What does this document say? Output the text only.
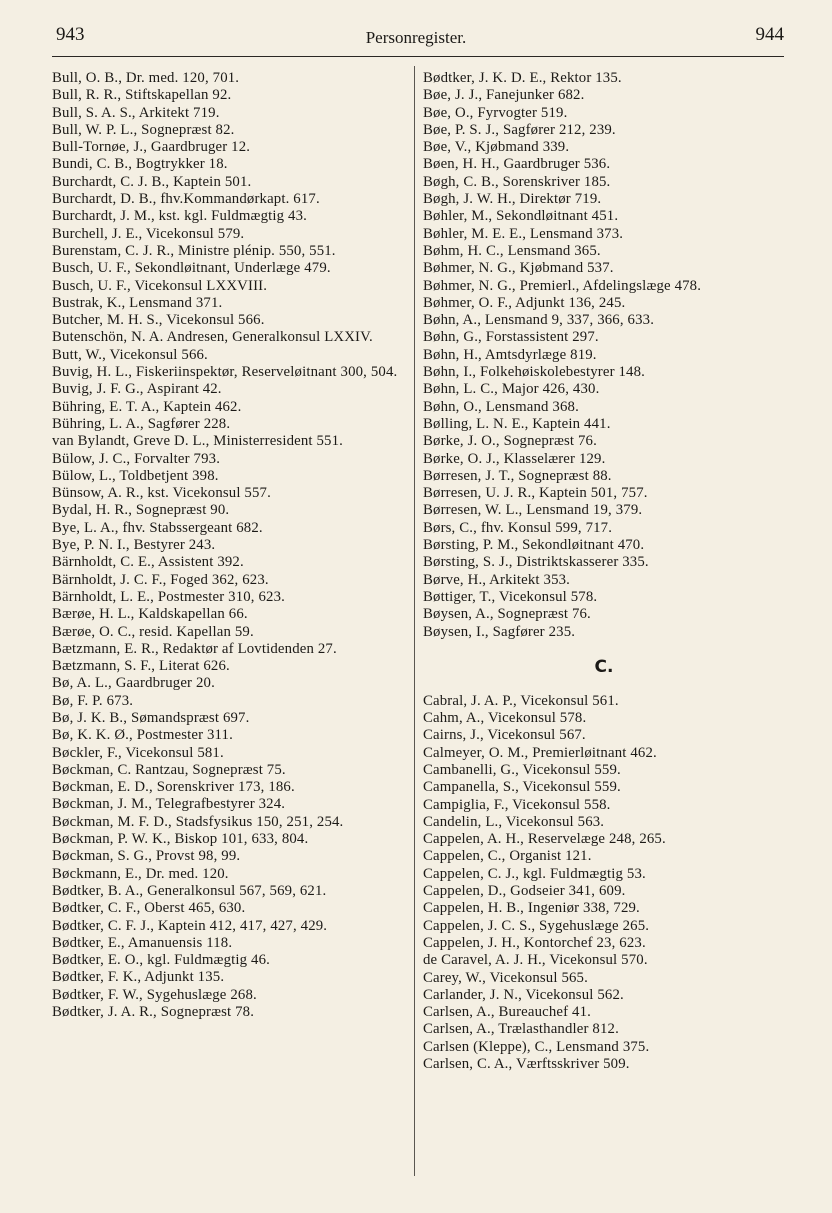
943	Personregister.	944
Bull, O. B., Dr. med. 120, 701.
Bull, R. R., Stiftskapellan 92.
Bull, S. A. S., Arkitekt 719.
Bull, W. P. L., Sognepræst 82.
Bull-Tornøe, J., Gaardbruger 12.
Bundi, C. B., Bogtrykker 18.
Burchardt, C. J. B., Kaptein 501.
Burchardt, D. B., fhv.Kommandørkapt. 617.
Burchardt, J. M., kst. kgl. Fuldmægtig 43.
Burchell, J. E., Vicekonsul 579.
Burenstam, C. J. R., Ministre plénip. 550, 551.
Busch, U. F., Sekondløitnant, Underlæge 479.
Busch, U. F., Vicekonsul LXXVIII.
Bustrak, K., Lensmand 371.
Butcher, M. H. S., Vicekonsul 566.
Butenschön, N. A. Andresen, Generalkonsul LXXIV.
Butt, W., Vicekonsul 566.
Buvig, H. L., Fiskeriinspektør, Reserveløitnant 300, 504.
Buvig, J. F. G., Aspirant 42.
Bühring, E. T. A., Kaptein 462.
Bühring, L. A., Sagfører 228.
van Bylandt, Greve D. L., Ministerresident 551.
Bülow, J. C., Forvalter 793.
Bülow, L., Toldbetjent 398.
Bünsow, A. R., kst. Vicekonsul 557.
Bydal, H. R., Sognepræst 90.
Bye, L. A., fhv. Stabssergeant 682.
Bye, P. N. I., Bestyrer 243.
Bärnholdt, C. E., Assistent 392.
Bärnholdt, J. C. F., Foged 362, 623.
Bärnholdt, L. E., Postmester 310, 623.
Bærøe, H. L., Kaldskapellan 66.
Bærøe, O. C., resid. Kapellan 59.
Bætzmann, E. R., Redaktør af Lovtidenden 27.
Bætzmann, S. F., Literat 626.
Bø, A. L., Gaardbruger 20.
Bø, F. P. 673.
Bø, J. K. B., Sømandspræst 697.
Bø, K. K. Ø., Postmester 311.
Bøckler, F., Vicekonsul 581.
Bøckman, C. Rantzau, Sognepræst 75.
Bøckman, E. D., Sorenskriver 173, 186.
Bøckman, J. M., Telegrafbestyrer 324.
Bøckman, M. F. D., Stadsfysikus 150, 251, 254.
Bøckman, P. W. K., Biskop 101, 633, 804.
Bøckman, S. G., Provst 98, 99.
Bøckmann, E., Dr. med. 120.
Bødtker, B. A., Generalkonsul 567, 569, 621.
Bødtker, C. F., Oberst 465, 630.
Bødtker, C. F. J., Kaptein 412, 417, 427, 429.
Bødtker, E., Amanuensis 118.
Bødtker, E. O., kgl. Fuldmægtig 46.
Bødtker, F. K., Adjunkt 135.
Bødtker, F. W., Sygehuslæge 268.
Bødtker, J. A. R., Sognepræst 78.
Bødtker, J. K. D. E., Rektor 135.
Bøe, J. J., Fanejunker 682.
Bøe, O., Fyrvogter 519.
Bøe, P. S. J., Sagfører 212, 239.
Bøe, V., Kjøbmand 339.
Bøen, H. H., Gaardbruger 536.
Bøgh, C. B., Sorenskriver 185.
Bøgh, J. W. H., Direktør 719.
Bøhler, M., Sekondløitnant 451.
Bøhler, M. E. E., Lensmand 373.
Bøhm, H. C., Lensmand 365.
Bøhmer, N. G., Kjøbmand 537.
Bøhmer, N. G., Premierl., Afdelingslæge 478.
Bøhmer, O. F., Adjunkt 136, 245.
Bøhn, A., Lensmand 9, 337, 366, 633.
Bøhn, G., Forstassistent 297.
Bøhn, H., Amtsdyrlæge 819.
Bøhn, I., Folkehøiskolebestyrer 148.
Bøhn, L. C., Major 426, 430.
Bøhn, O., Lensmand 368.
Bølling, L. N. E., Kaptein 441.
Børke, J. O., Sognepræst 76.
Børke, O. J., Klasselærer 129.
Børresen, J. T., Sognepræst 88.
Børresen, U. J. R., Kaptein 501, 757.
Børresen, W. L., Lensmand 19, 379.
Børs, C., fhv. Konsul 599, 717.
Børsting, P. M., Sekondløitnant 470.
Børsting, S. J., Distriktskasserer 335.
Børve, H., Arkitekt 353.
Bøttiger, T., Vicekonsul 578.
Bøysen, A., Sognepræst 76.
Bøysen, I., Sagfører 235.
C.
Cabral, J. A. P., Vicekonsul 561.
Cahm, A., Vicekonsul 578.
Cairns, J., Vicekonsul 567.
Calmeyer, O. M., Premierløitnant 462.
Cambanelli, G., Vicekonsul 559.
Campanella, S., Vicekonsul 559.
Campiglia, F., Vicekonsul 558.
Candelin, L., Vicekonsul 563.
Cappelen, A. H., Reservelæge 248, 265.
Cappelen, C., Organist 121.
Cappelen, C. J., kgl. Fuldmægtig 53.
Cappelen, D., Godseier 341, 609.
Cappelen, H. B., Ingeniør 338, 729.
Cappelen, J. C. S., Sygehuslæge 265.
Cappelen, J. H., Kontorchef 23, 623.
de Caravel, A. J. H., Vicekonsul 570.
Carey, W., Vicekonsul 565.
Carlander, J. N., Vicekonsul 562.
Carlsen, A., Bureauchef 41.
Carlsen, A., Trælasthandler 812.
Carlsen (Kleppe), C., Lensmand 375.
Carlsen, C. A., Værftsskriver 509.
